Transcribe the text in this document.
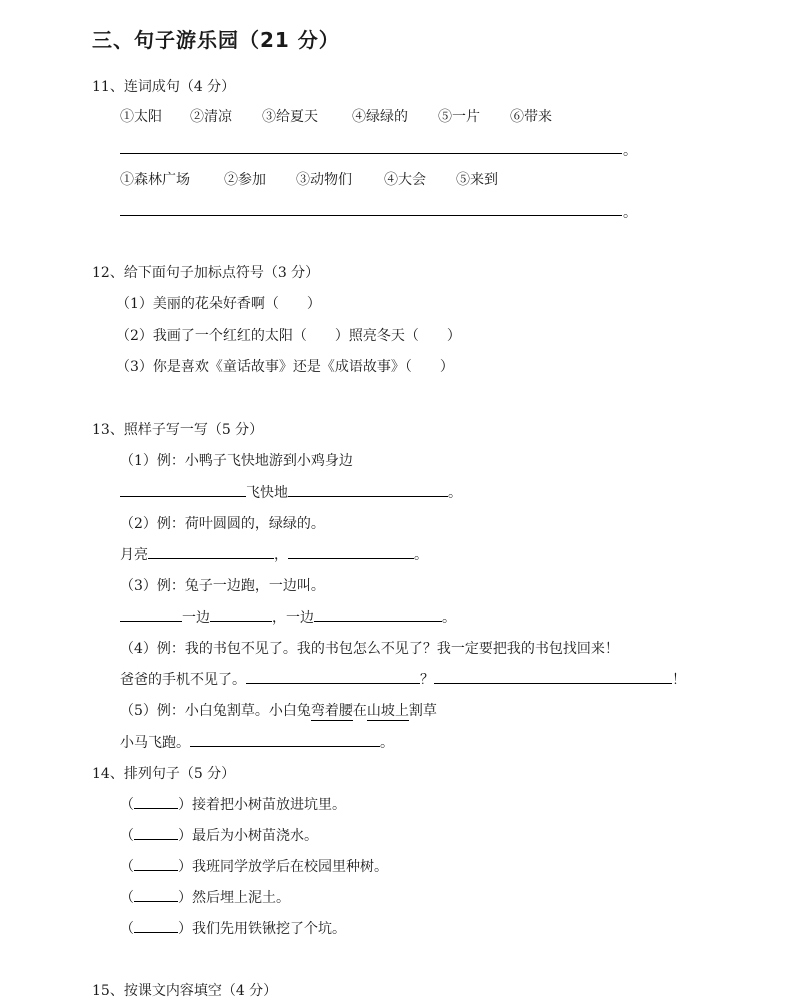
三、句子游乐园（21 分）
11、连词成句（4 分）
①太阳 ②清凉 ③给夏天 ④绿绿的 ⑤一片 ⑥带来
。
①森林广场 ②参加 ③动物们 ④大会 ⑤来到
。
12、给下面句子加标点符号（3 分）
（1）美丽的花朵好香啊（　　）
（2）我画了一个红红的太阳（　　）照亮冬天（　　）
（3）你是喜欢《童话故事》还是《成语故事》（　　）
13、照样子写一写（5 分）
（1）例：小鸭子飞快地游到小鸡身边
飞快地	。
（2）例：荷叶圆圆的，绿绿的。
月亮	，	。
（3）例：兔子一边跑，一边叫。
一边	，一边	。
（4）例：我的书包不见了。我的书包怎么不见了？我一定要把我的书包找回来！
爸爸的手机不见了。	？	！
（5）例：小白兔割草。小白兔弯着腰在山坡上割草
小马飞跑。	。
14、排列句子（5 分）
（	）接着把小树苗放进坑里。
（	）最后为小树苗浇水。
（	）我班同学放学后在校园里种树。
（	）然后埋上泥土。
（	）我们先用铁锹挖了个坑。
15、按课文内容填空（4 分）
